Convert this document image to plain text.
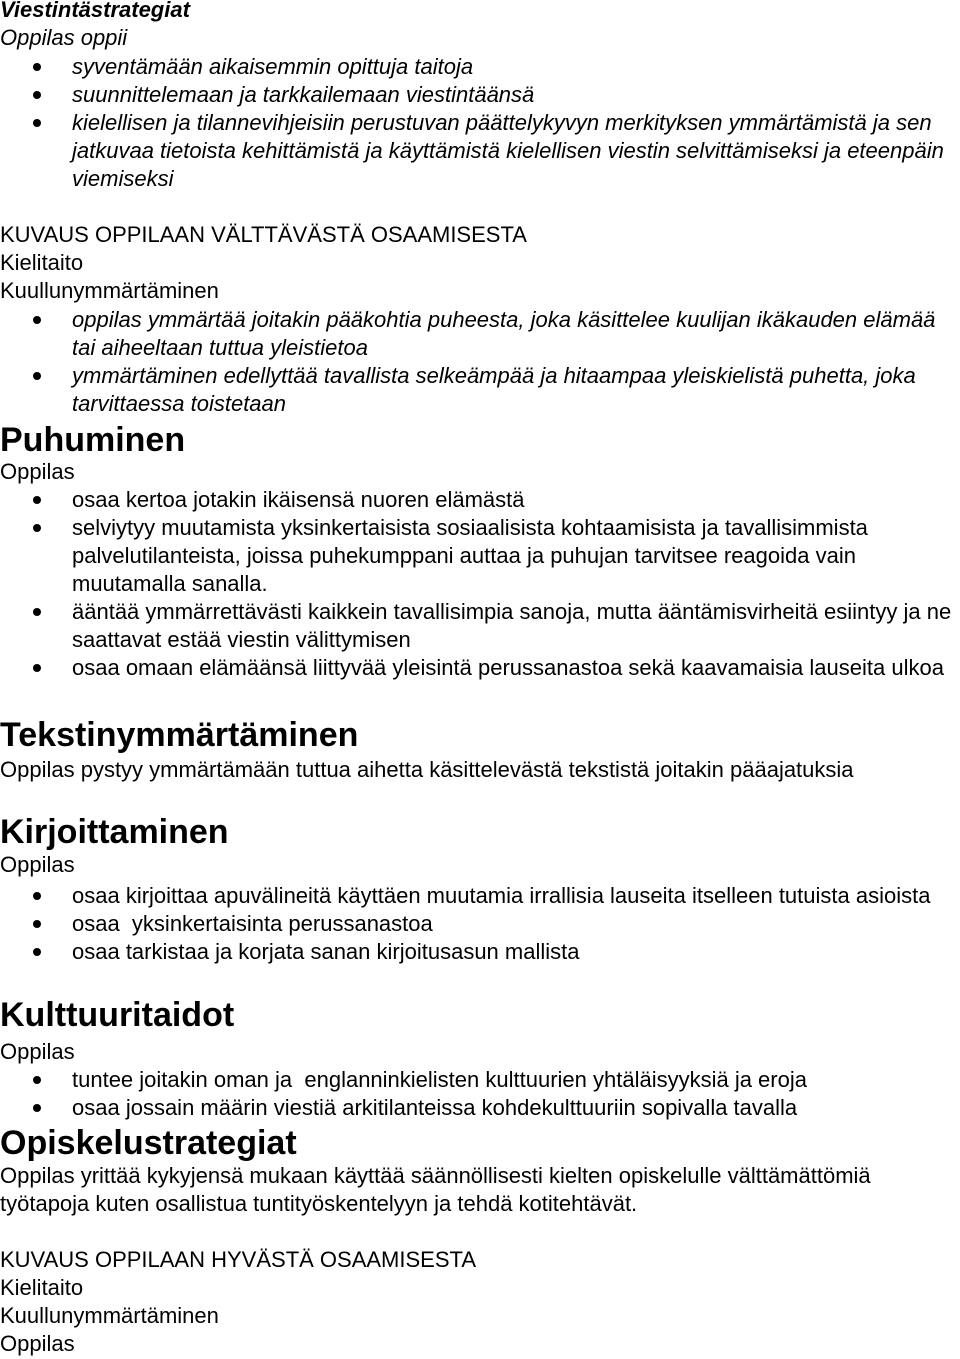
Viestintästrategiat
Oppilas oppii
syventämään aikaisemmin opittuja taitoja
suunnittelemaan ja tarkkailemaan viestintäänsä
kielellisen ja tilannevihjeisiin perustuvan päättelykyvyn merkityksen ymmärtämistä ja sen jatkuvaa tietoista kehittämistä ja käyttämistä kielellisen viestin selvittämiseksi ja eteenpäin viemiseksi
KUVAUS OPPILAAN VÄLTTÄVÄSTÄ OSAAMISESTA
Kielitaito
Kuullunymmärtäminen
oppilas ymmärtää joitakin pääkohtia puheesta, joka käsittelee kuulijan ikäkauden elämää tai aiheeltaan tuttua yleistietoa
ymmärtäminen edellyttää tavallista selkeämpää ja hitaampaa yleiskielistä puhetta, joka tarvittaessa toistetaan
Puhuminen
Oppilas
osaa kertoa jotakin ikäisensä nuoren elämästä
selviytyy muutamista yksinkertaisista sosiaalisista kohtaamisista ja tavallisimmista palvelutilanteista, joissa puhekumppani auttaa ja puhujan tarvitsee reagoida vain muutamalla sanalla.
ääntää ymmärrettävästi kaikkein tavallisimpia sanoja, mutta ääntämisvirheitä esiintyy ja ne saattavat estää viestin välittymisen
osaa omaan elämäänsä liittyvää yleisintä perussanastoa sekä kaavamaisia lauseita ulkoa
Tekstinymmärtäminen
Oppilas pystyy ymmärtämään tuttua aihetta käsittelevästä tekstistä joitakin pääajatuksia
Kirjoittaminen
Oppilas
osaa kirjoittaa apuvälineitä käyttäen muutamia irrallisia lauseita itselleen tutuista asioista
osaa  yksinkertaisinta perussanastoa
osaa tarkistaa ja korjata sanan kirjoitusasun mallista
Kulttuuritaidot
Oppilas
tuntee joitakin oman ja  englanninkielisten kulttuurien yhtäläisyyksiä ja eroja
osaa jossain määrin viestiä arkitilanteissa kohdekulttuuriin sopivalla tavalla
Opiskelustrategiat
Oppilas yrittää kykyjensä mukaan käyttää säännöllisesti kielten opiskelulle välttämättömiä
työtapoja kuten osallistua tuntityöskentelyyn ja tehdä kotitehtävät.
KUVAUS OPPILAAN HYVÄSTÄ OSAAMISESTA
Kielitaito
Kuullunymmärtäminen
Oppilas
